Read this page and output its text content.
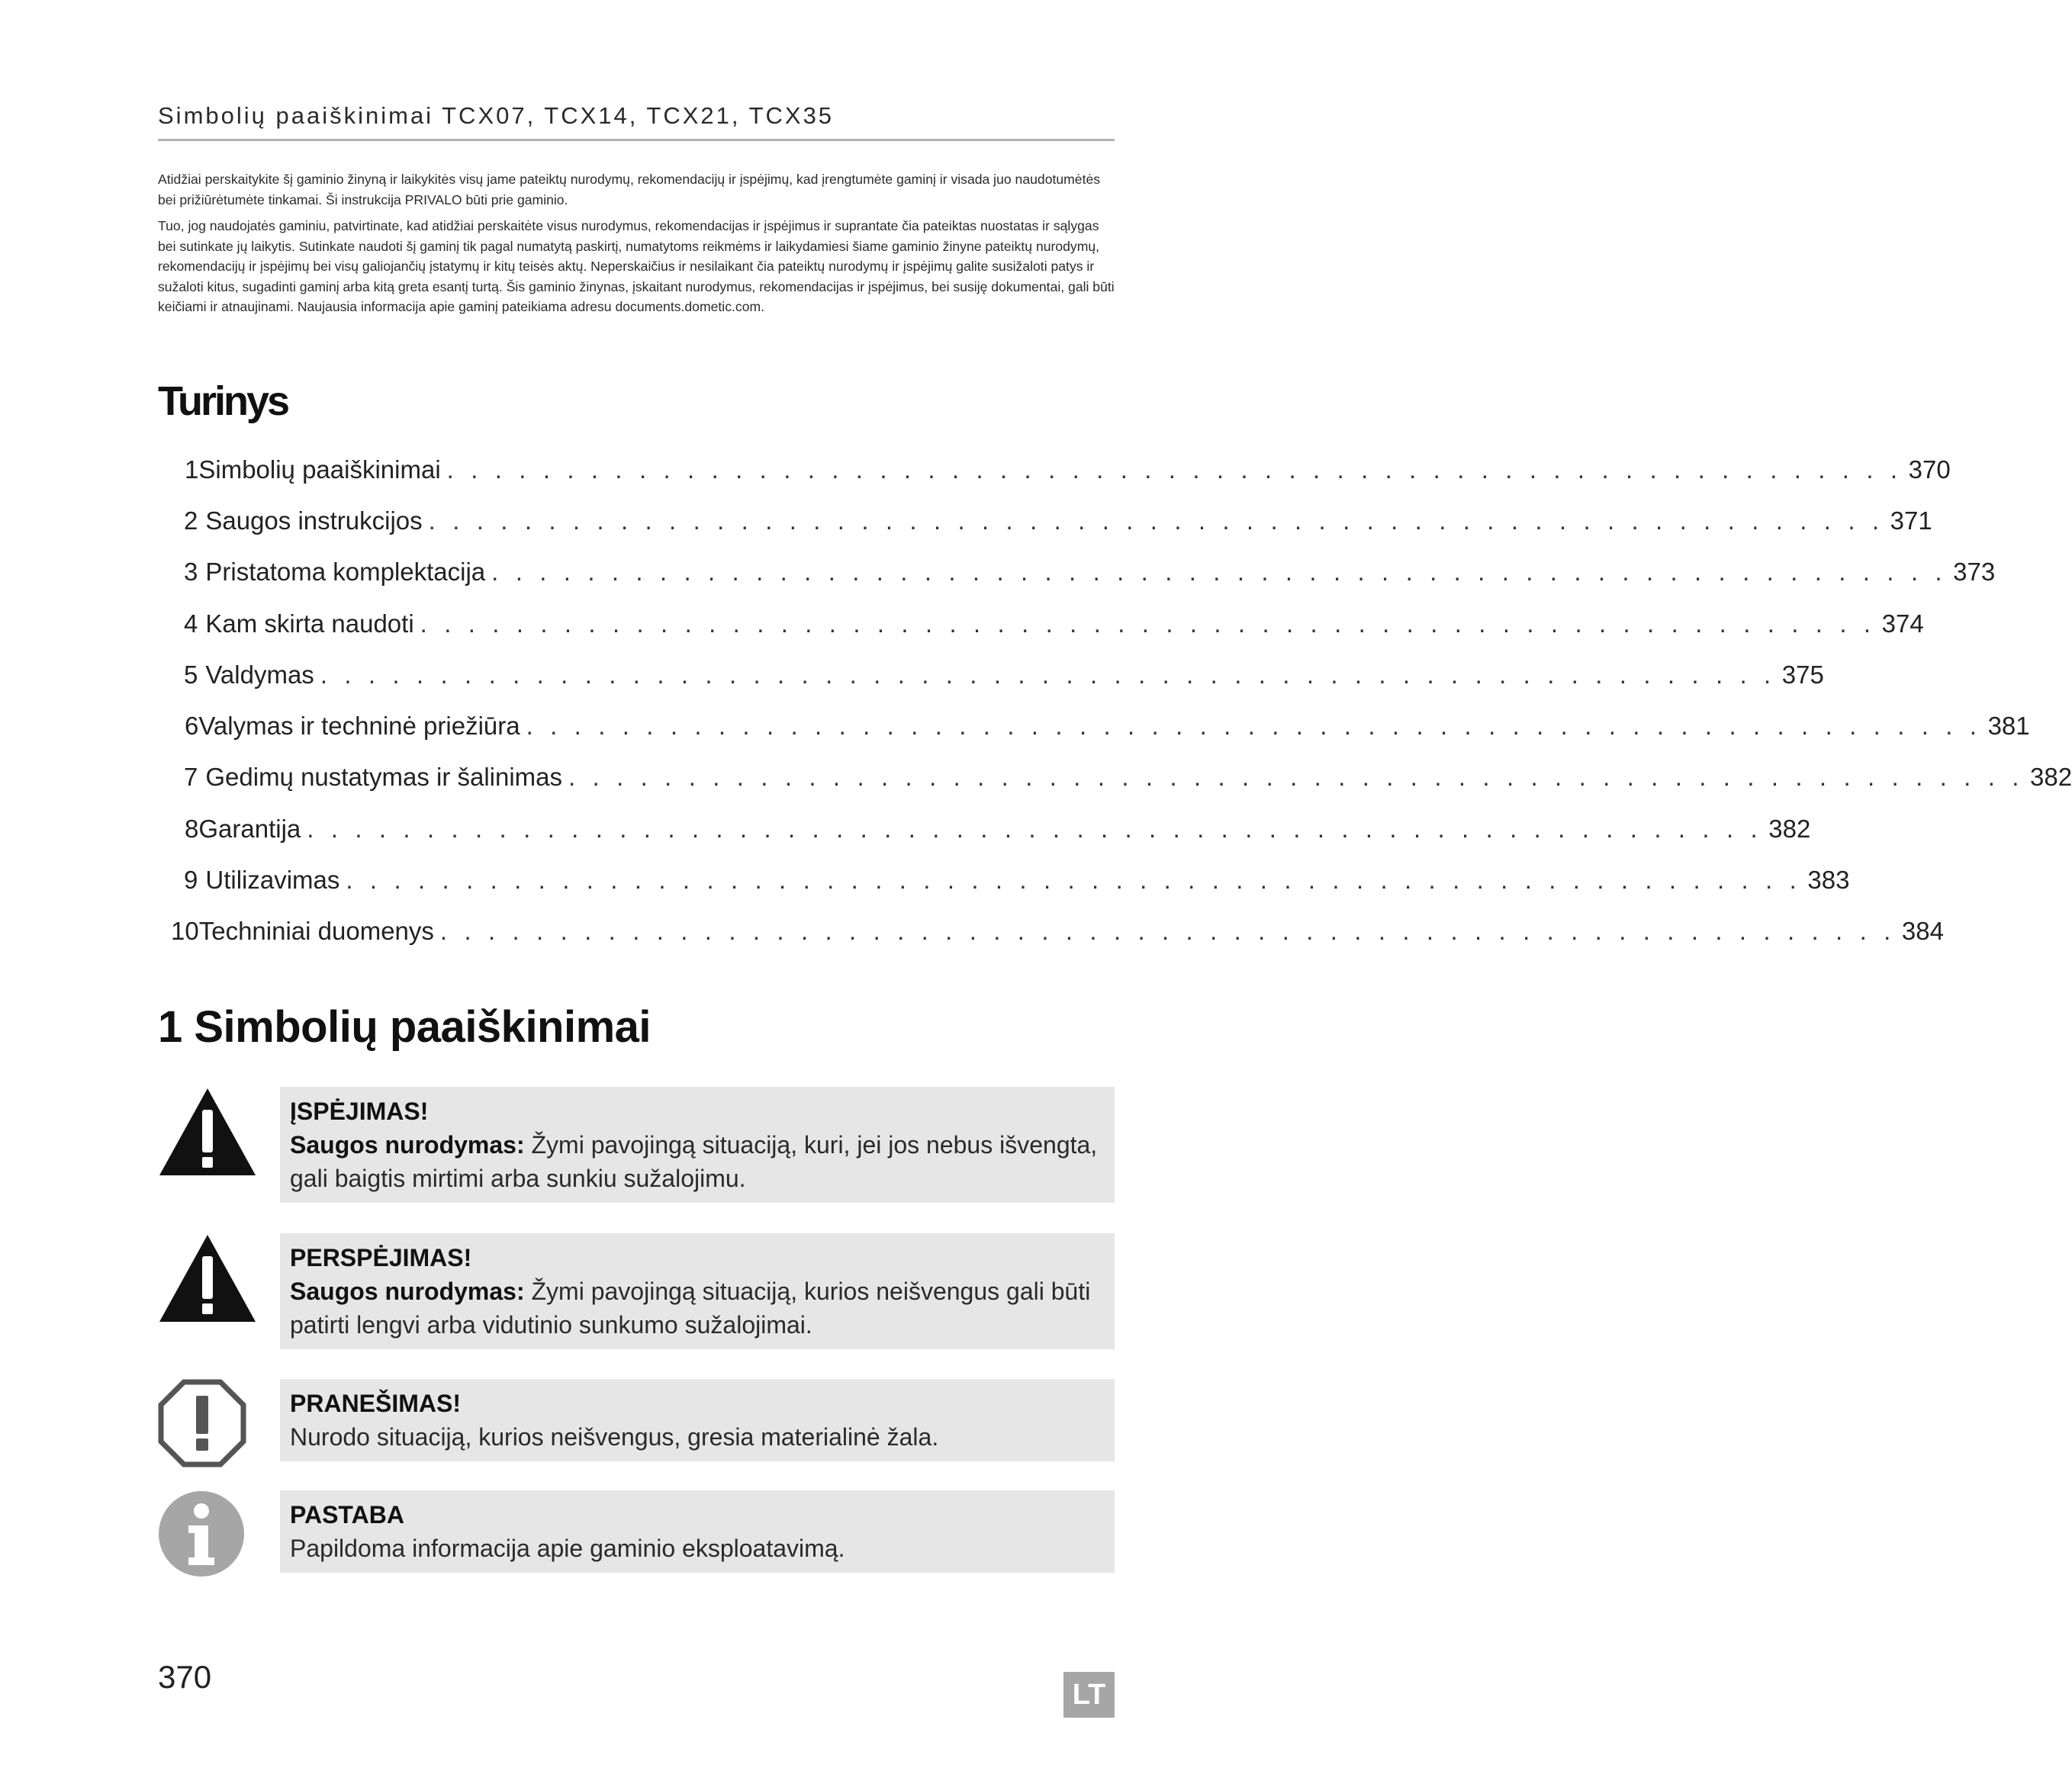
Simbolių paaiškinimai TCX07, TCX14, TCX21, TCX35

Atidžiai perskaitykite šį gaminio žinyną ir laikykitės visų jame pateiktų nurodymų, rekomendacijų ir įspėjimų, kad įrengtumėte gaminį ir visada juo naudotumėtės bei prižiūrėtumėte tinkamai. Ši instrukcija PRIVALO būti prie gaminio.

Tuo, jog naudojatės gaminiu, patvirtinate, kad atidžiai perskaitėte visus nurodymus, rekomendacijas ir įspėjimus ir suprantate čia pateiktas nuostatas ir sąlygas bei sutinkate jų laikytis. Sutinkate naudoti šį gaminį tik pagal numatytą paskirtį, numatytoms reikmėms ir laikydamiesi šiame gaminio žinyne pateiktų nurodymų, rekomendacijų ir įspėjimų bei visų galiojančių įstatymų ir kitų teisės aktų. Neperskaičius ir nesilaikant čia pateiktų nurodymų ir įspėjimų galite susižaloti patys ir sužaloti kitus, sugadinti gaminį arba kitą greta esantį turtą. Šis gaminio žinynas, įskaitant nurodymus, rekomendacijas ir įspėjimus, bei susiję dokumentai, gali būti keičiami ir atnaujinami. Naujausia informacija apie gaminį pateikiama adresu documents.dometic.com.

Turinys
1 Simbolių paaiškinimai . . . . . . . . . . . . . . . . . . . . . . . . . . . . . . . . . . . . . . . . . . . . . . . . . . . . . . . . . . . . . 370
2 Saugos instrukcijos . . . . . . . . . . . . . . . . . . . . . . . . . . . . . . . . . . . . . . . . . . . . . . . . . . . . . . . . . . . . . 371
3 Pristatoma komplektacija . . . . . . . . . . . . . . . . . . . . . . . . . . . . . . . . . . . . . . . . . . . . . . . . . . . . . . . . . . . . . 373
4 Kam skirta naudoti . . . . . . . . . . . . . . . . . . . . . . . . . . . . . . . . . . . . . . . . . . . . . . . . . . . . . . . . . . . . . 374
5 Valdymas . . . . . . . . . . . . . . . . . . . . . . . . . . . . . . . . . . . . . . . . . . . . . . . . . . . . . . . . . . . . . 375
6 Valymas ir techninė priežiūra . . . . . . . . . . . . . . . . . . . . . . . . . . . . . . . . . . . . . . . . . . . . . . . . . . . . . . . . . . . . . 381
7 Gedimų nustatymas ir šalinimas . . . . . . . . . . . . . . . . . . . . . . . . . . . . . . . . . . . . . . . . . . . . . . . . . . . . . . . . . . . . . 382
8 Garantija . . . . . . . . . . . . . . . . . . . . . . . . . . . . . . . . . . . . . . . . . . . . . . . . . . . . . . . . . . . . . 382
9 Utilizavimas . . . . . . . . . . . . . . . . . . . . . . . . . . . . . . . . . . . . . . . . . . . . . . . . . . . . . . . . . . . . . 383
10 Techniniai duomenys . . . . . . . . . . . . . . . . . . . . . . . . . . . . . . . . . . . . . . . . . . . . . . . . . . . . . . . . . . . . . 384
1 Simbolių paaiškinimai
ĮSPĖJIMAS!
Saugos nurodymas: Žymi pavojingą situaciją, kuri, jei jos nebus išvengta, gali baigtis mirtimi arba sunkiu sužalojimu.
PERSPĖJIMAS!
Saugos nurodymas: Žymi pavojingą situaciją, kurios neišvengus gali būti patirti lengvi arba vidutinio sunkumo sužalojimai.
PRANEŠIMAS!
Nurodo situaciją, kurios neišvengus, gresia materialinė žala.
PASTABA
Papildoma informacija apie gaminio eksploatavimą.
370	LT
